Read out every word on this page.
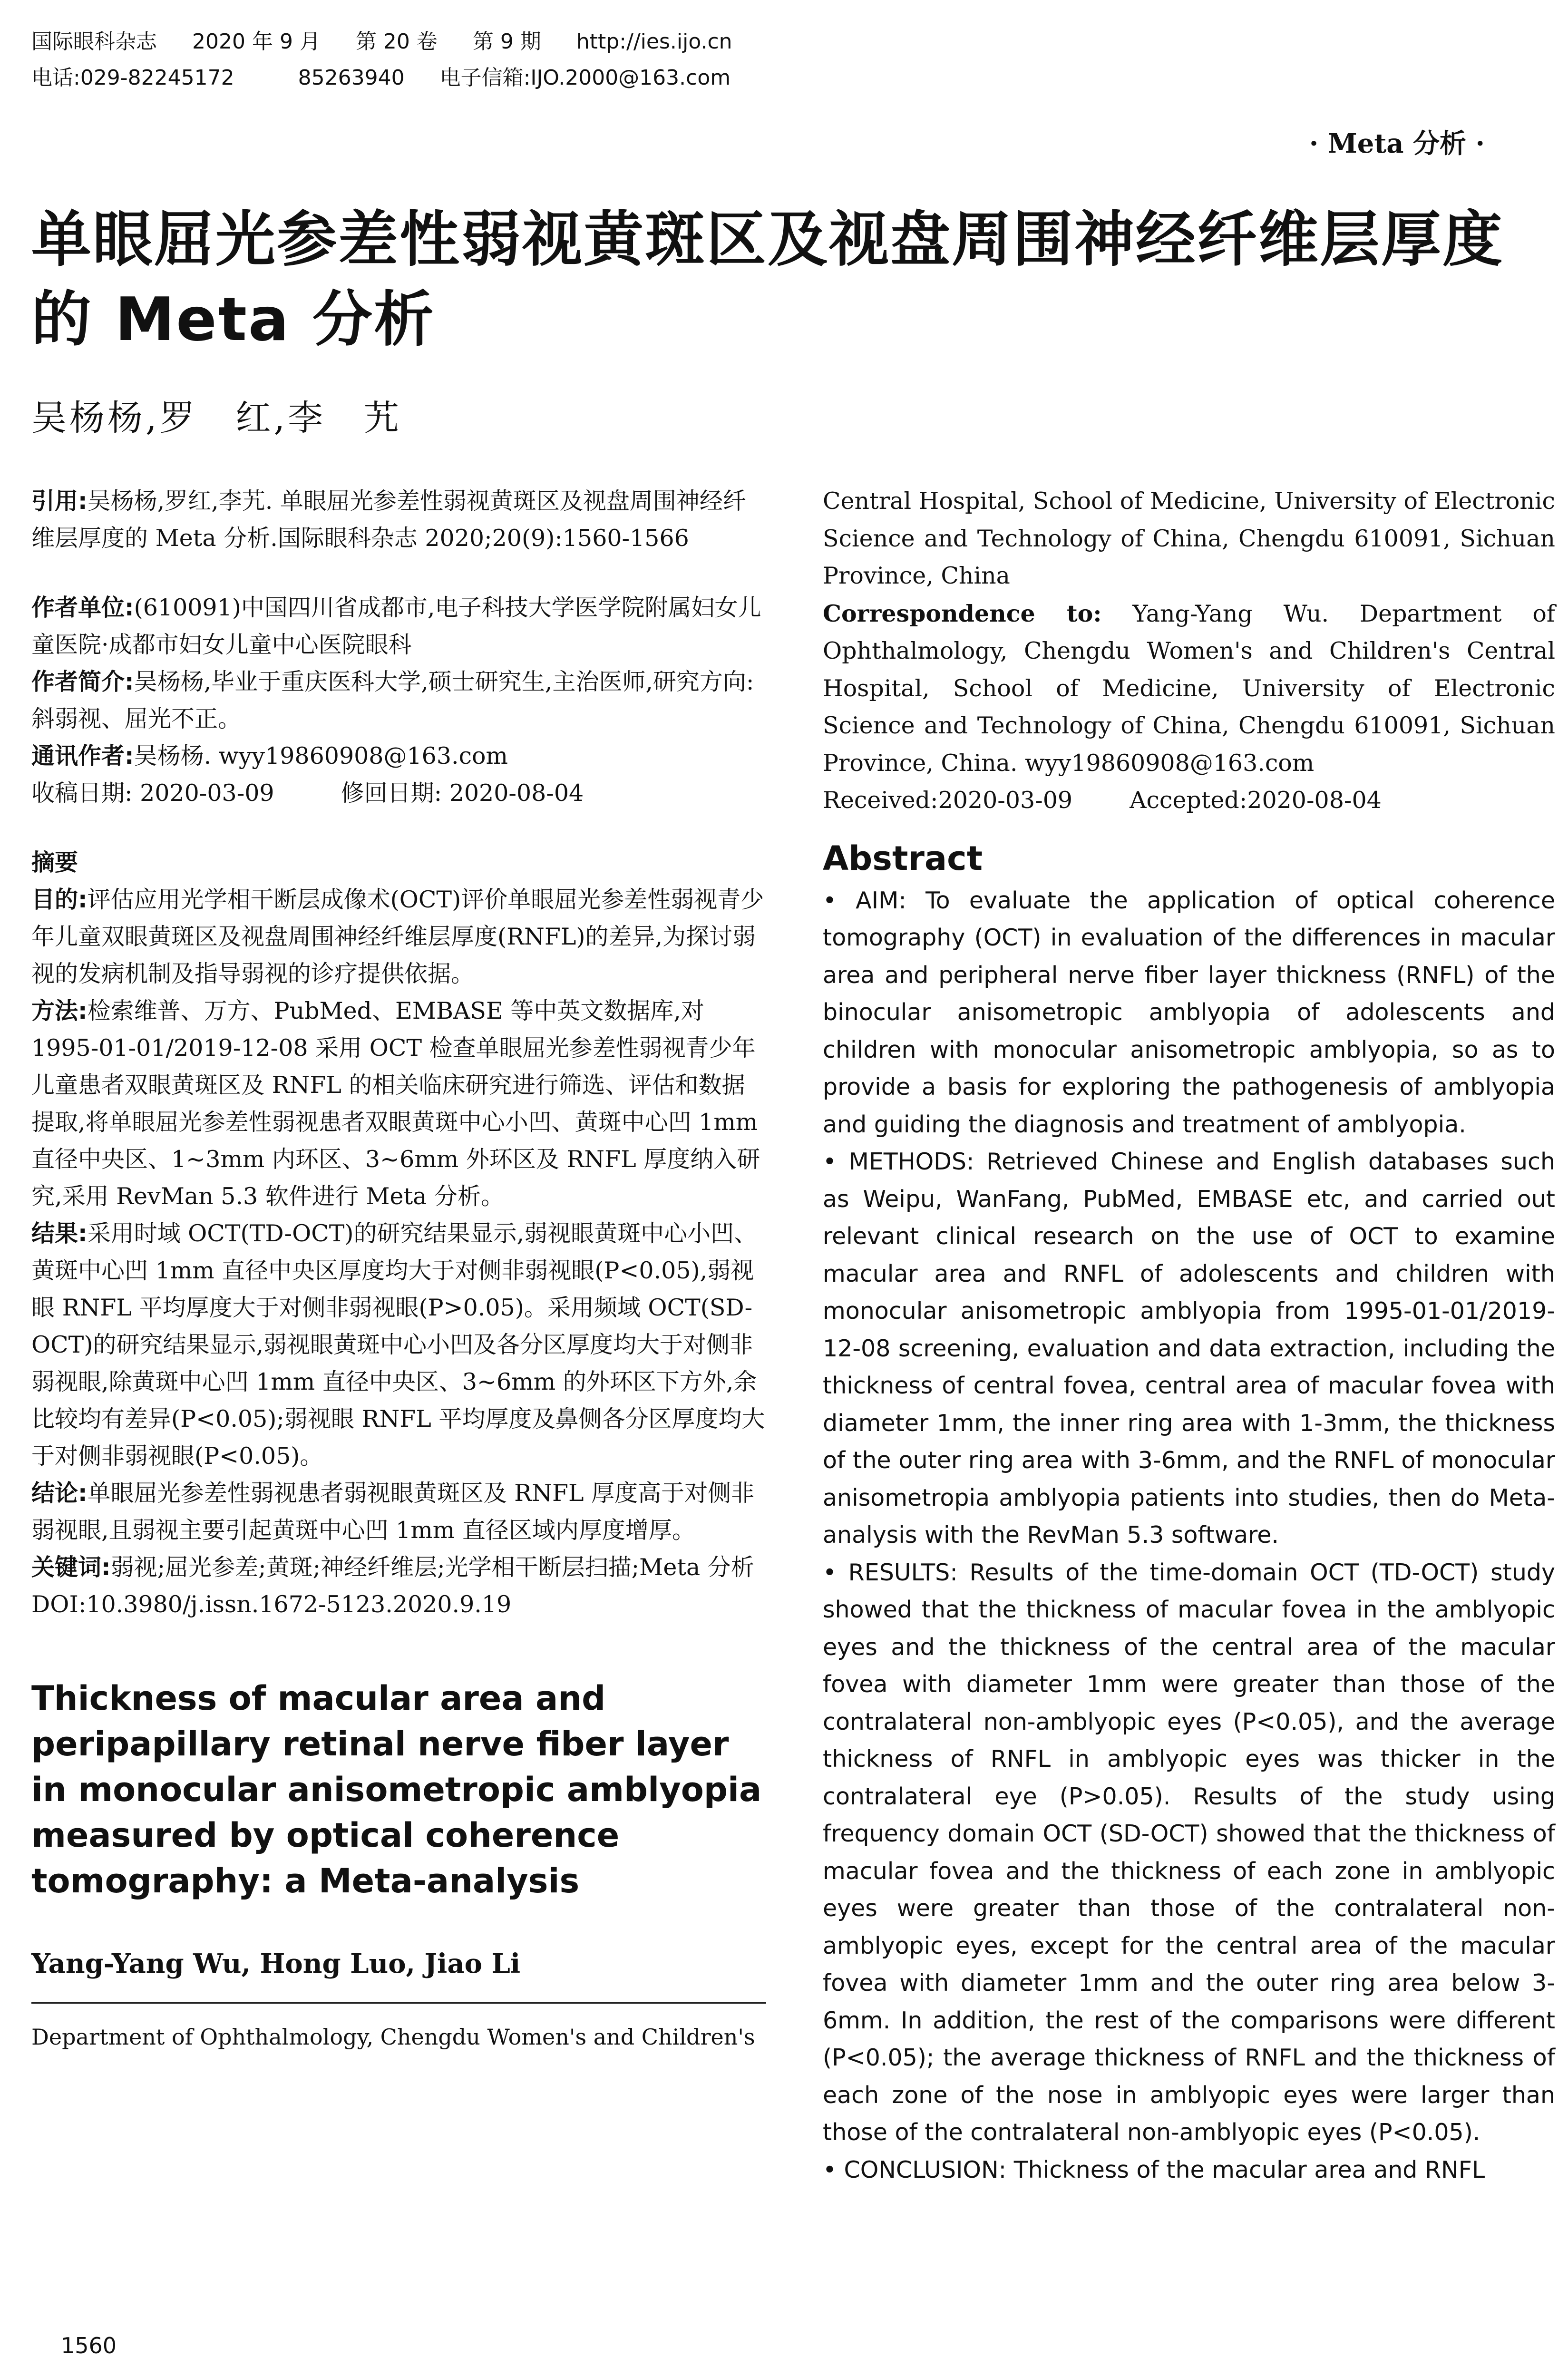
国际眼科杂志 2020 年 9 月 第 20 卷 第 9 期 http://ies.ijo.cn
电话:029-82245172	85263940 电子信箱:IJO.2000@163.com
· Meta 分析 ·
单眼屈光参差性弱视黄斑区及视盘周围神经纤维层厚度的 Meta 分析
吴杨杨,罗　红,李　艽

引用:吴杨杨,罗红,李艽. 单眼屈光参差性弱视黄斑区及视盘周围神经纤维层厚度的 Meta 分析.国际眼科杂志 2020;20(9):1560-1566

作者单位:(610091)中国四川省成都市,电子科技大学医学院附属妇女儿童医院·成都市妇女儿童中心医院眼科

作者简介:吴杨杨,毕业于重庆医科大学,硕士研究生,主治医师,研究方向:斜弱视、屈光不正。

通讯作者:吴杨杨. wyy19860908@163.com

收稿日期: 2020-03-09	修回日期: 2020-08-04

摘要

目的:评估应用光学相干断层成像术(OCT)评价单眼屈光参差性弱视青少年儿童双眼黄斑区及视盘周围神经纤维层厚度(RNFL)的差异,为探讨弱视的发病机制及指导弱视的诊疗提供依据。

方法:检索维普、万方、PubMed、EMBASE 等中英文数据库,对 1995-01-01/2019-12-08 采用 OCT 检查单眼屈光参差性弱视青少年儿童患者双眼黄斑区及 RNFL 的相关临床研究进行筛选、评估和数据提取,将单眼屈光参差性弱视患者双眼黄斑中心小凹、黄斑中心凹 1mm 直径中央区、1~3mm 内环区、3~6mm 外环区及 RNFL 厚度纳入研究,采用 RevMan 5.3 软件进行 Meta 分析。

结果:采用时域 OCT(TD-OCT)的研究结果显示,弱视眼黄斑中心小凹、黄斑中心凹 1mm 直径中央区厚度均大于对侧非弱视眼(P<0.05),弱视眼 RNFL 平均厚度大于对侧非弱视眼(P>0.05)。采用频域 OCT(SD-OCT)的研究结果显示,弱视眼黄斑中心小凹及各分区厚度均大于对侧非弱视眼,除黄斑中心凹 1mm 直径中央区、3~6mm 的外环区下方外,余比较均有差异(P<0.05);弱视眼 RNFL 平均厚度及鼻侧各分区厚度均大于对侧非弱视眼(P<0.05)。

结论:单眼屈光参差性弱视患者弱视眼黄斑区及 RNFL 厚度高于对侧非弱视眼,且弱视主要引起黄斑中心凹 1mm 直径区域内厚度增厚。

关键词:弱视;屈光参差;黄斑;神经纤维层;光学相干断层扫描;Meta 分析

DOI:10.3980/j.issn.1672-5123.2020.9.19

Thickness of macular area and peripapillary retinal nerve fiber layer in monocular anisometropic amblyopia measured by optical coherence tomography: a Meta-analysis
Yang-Yang Wu, Hong Luo, Jiao Li
Department of Ophthalmology, Chengdu Women's and Children's

Central Hospital, School of Medicine, University of Electronic Science and Technology of China, Chengdu 610091, Sichuan Province, China

Correspondence to: Yang-Yang Wu. Department of Ophthalmology, Chengdu Women's and Children's Central Hospital, School of Medicine, University of Electronic Science and Technology of China, Chengdu 610091, Sichuan Province, China. wyy19860908@163.com

Received:2020-03-09 Accepted:2020-08-04

Abstract

• AIM: To evaluate the application of optical coherence tomography (OCT) in evaluation of the differences in macular area and peripheral nerve fiber layer thickness (RNFL) of the binocular anisometropic amblyopia of adolescents and children with monocular anisometropic amblyopia, so as to provide a basis for exploring the pathogenesis of amblyopia and guiding the diagnosis and treatment of amblyopia.

• METHODS: Retrieved Chinese and English databases such as Weipu, WanFang, PubMed, EMBASE etc, and carried out relevant clinical research on the use of OCT to examine macular area and RNFL of adolescents and children with monocular anisometropic amblyopia from 1995-01-01/2019-12-08 screening, evaluation and data extraction, including the thickness of central fovea, central area of macular fovea with diameter 1mm, the inner ring area with 1-3mm, the thickness of the outer ring area with 3-6mm, and the RNFL of monocular anisometropia amblyopia patients into studies, then do Meta-analysis with the RevMan 5.3 software.

• RESULTS: Results of the time-domain OCT (TD-OCT) study showed that the thickness of macular fovea in the amblyopic eyes and the thickness of the central area of the macular fovea with diameter 1mm were greater than those of the contralateral non-amblyopic eyes (P<0.05), and the average thickness of RNFL in amblyopic eyes was thicker in the contralateral eye (P>0.05). Results of the study using frequency domain OCT (SD-OCT) showed that the thickness of macular fovea and the thickness of each zone in amblyopic eyes were greater than those of the contralateral non-amblyopic eyes, except for the central area of the macular fovea with diameter 1mm and the outer ring area below 3-6mm. In addition, the rest of the comparisons were different (P<0.05); the average thickness of RNFL and the thickness of each zone of the nose in amblyopic eyes were larger than those of the contralateral non-amblyopic eyes (P<0.05).

• CONCLUSION: Thickness of the macular area and RNFL

1560
